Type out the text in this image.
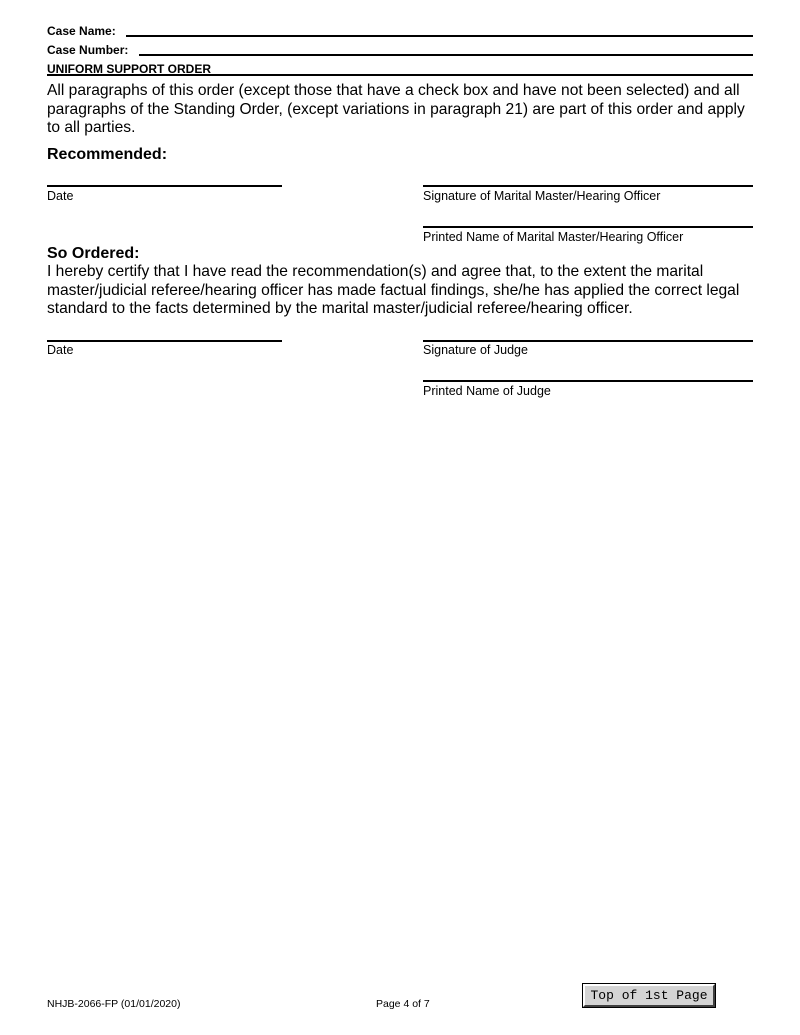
Case Name:
Case Number:
UNIFORM SUPPORT ORDER
All paragraphs of this order (except those that have a check box and have not been selected) and all paragraphs of the Standing Order, (except variations in paragraph 21) are part of this order and apply to all parties.
Recommended:
Date	Signature of Marital Master/Hearing Officer
Printed Name of Marital Master/Hearing Officer
So Ordered:
I hereby certify that I have read the recommendation(s) and agree that, to the extent the marital master/judicial referee/hearing officer has made factual findings, she/he has applied the correct legal standard to the facts determined by the marital master/judicial referee/hearing officer.
Date	Signature of Judge
Printed Name of Judge
NHJB-2066-FP (01/01/2020)	Page 4 of 7
Top of 1st Page
